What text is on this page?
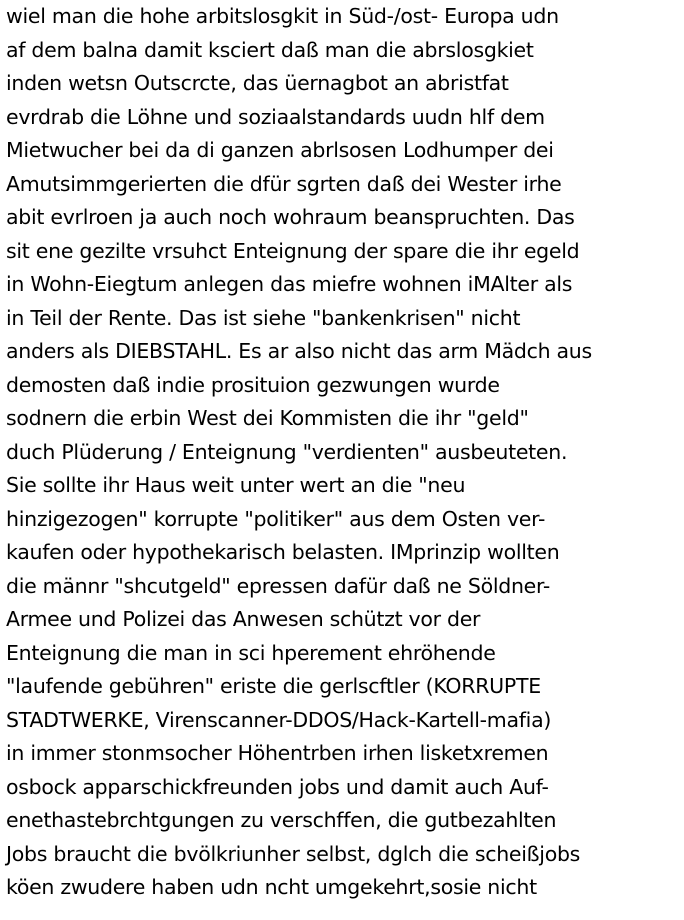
wiel man die hohe arbitslosgkit in Süd-/ost- Europa udn
af dem balna damit ksciert daß man die abrslosgkiet
inden wetsn Outscrcte, das üernagbot an abristfat
evrdrab die Löhne und soziaalstandards uudn hlf dem
Mietwucher bei da di ganzen abrlsosen Lodhumper dei
Amutsimmgerierten die dfür sgrten daß dei Wester irhe
abit evrlroen ja auch noch wohraum beanspruchten. Das
sit ene gezilte vrsuhct Enteignung der spare die ihr egeld
in Wohn-Eiegtum anlegen das miefre wohnen iMAlter als
in Teil der Rente. Das ist siehe "bankenkrisen" nicht
anders als DIEBSTAHL. Es ar also nicht das arm Mädch aus
demosten daß indie prosituion gezwungen wurde
sodnern die erbin West dei Kommisten die ihr "geld"
duch Plüderung / Enteignung "verdienten" ausbeuteten.
Sie sollte ihr Haus weit unter wert an die "neu
hinzigezogen" korrupte "politiker" aus dem Osten ver-
kaufen oder hypothekarisch belasten. IMprinzip wollten
die männr "shcutgeld" epressen dafür daß ne Söldner-
Armee und Polizei das Anwesen schützt vor der
Enteignung die man in sci hperement ehröhende
"laufende gebühren" eriste die gerlscftler (KORRUPTE
STADTWERKE, Virenscanner-DDOS/Hack-Kartell-mafia)
in immer stonmsocher Höhentrben irhen lisketxremen
osbock apparschickfreunden jobs und damit auch Auf-
enethastebrchtgungen zu verschffen, die gutbezahlten
Jobs braucht die bvölkriunher selbst, dglch die scheißjobs
köen zwudere haben udn ncht umgekehrt,sosie nicht
